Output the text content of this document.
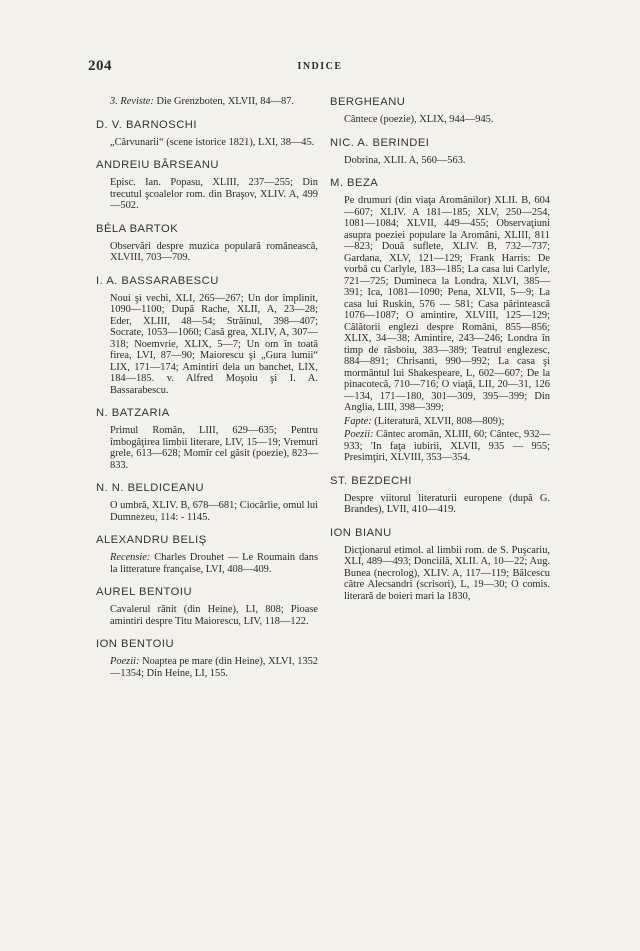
204	INDICE

3. Reviste: Die Grenzboten, XLVII, 84—87.

D. V. BARNOSCHI

„Cărvunarii“ (scene istorice 1821), LXI, 38—45.

ANDREIU BÂRSEANU

Episc. Ian. Popasu, XLIII, 237—255; Din trecutul şcoalelor rom. din Braşov, XLIV. A, 499—502.

BÉLA BARTOK

Observări despre muzica populară românească, XLVIII, 703—709.

I. A. BASSARABESCU

Noui şi vechi, XLI, 265—267; Un dor împlinit, 1090—1100; După Rache, XLII, A, 23—28; Eder, XLIII, 48—54; Străinul, 398—407; Socrate, 1053—1060; Casă grea, XLIV, A, 307—318; Noemvrie, XLIX, 5—7; Un om în toată firea, LVI, 87—90; Maiorescu şi „Gura lumii“ LIX, 171—174; Amintiri dela un banchet, LIX, 184—185. v. Alfred Moşoiu şi I. A. Bassarabescu.

N. BATZARIA

Primul Român, LIII, 629—635; Pentru îmbogăţirea limbii literare, LIV, 15—19; Vremuri grele, 613—628; Momîr cel găsit (poezie), 823—833.

N. N. BELDICEANU

O umbră, XLIV. B, 678—681; Ciocârlie, omul lui Dumnezeu, 114: - 1145.

ALEXANDRU BELIŞ

Recensie: Charles Drouhet — Le Roumain dans la litterature française, LVI, 408—409.

AUREL BENTOIU

Cavalerul rănit (din Heine), LI, 808; Pioase amintiri despre Titu Maiorescu, LIV, 118—122.

ION BENTOIU

Poezii: Noaptea pe mare (din Heine), XLVI, 1352—1354; Din Heine, LI, 155.

BERGHEANU

Cântece (poezie), XLIX, 944—945.

NIC. A. BERINDEI

Dobrina, XLII. A, 560—563.

M. BEZA

Pe drumuri (din viaţa Aromânilor) XLII. B, 604—607; XLIV. A 181—185; XLV, 250—254, 1081—1084; XLVII, 449—455; Observaţiuni asupra poeziei populare la Aromâni, XLIII, 811—823; Două suflete, XLIV. B, 732—737; Gardana, XLV, 121—129; Frank Harris: De vorbă cu Carlyle, 183—185; La casa lui Carlyle, 721—725; Dumineca la Londra, XLVI, 385—391; Ica, 1081—1090; Pena, XLVII, 5—9; La casa lui Ruskin, 576 — 581; Casa părintească 1076—1087; O amintire, XLVIII, 125—129; Călătorii englezi despre Români, 855—856; XLIX, 34—38; Amintire, 243—246; Londra în timp de răsboiu, 383—389; Teatrul englezesc, 884—891; Chrisanti, 990—992; La casa şi mormântul lui Shakespeare, L, 602—607; De la pinacotecă, 710—716; O viaţă, LII, 20—31, 126—134, 171—180, 301—309, 395—399; Din Anglia, LIII, 398—399;

Fapte: (Literatură, XLVII, 808—809);

Poezii: Cântec aromân, XLIII, 60; Cântec, 932—933; 'In faţa iubirii, XLVII, 935 — 955; Presimţiri, XLVIII, 353—354.

ST. BEZDECHI

Despre viitorul literaturii europene (după G. Brandes), LVII, 410—419.

ION BIANU

Dicţionarul etimol. al limbii rom. de S. Puşcariu, XLI, 489—493; Donciilă, XLII. A, 10—22; Aug. Bunea (necrolog), XLIV. A, 117—119; Bălcescu către Alecsandri (scrisori), L, 19—30; O comis. literară de boieri mari la 1830,
